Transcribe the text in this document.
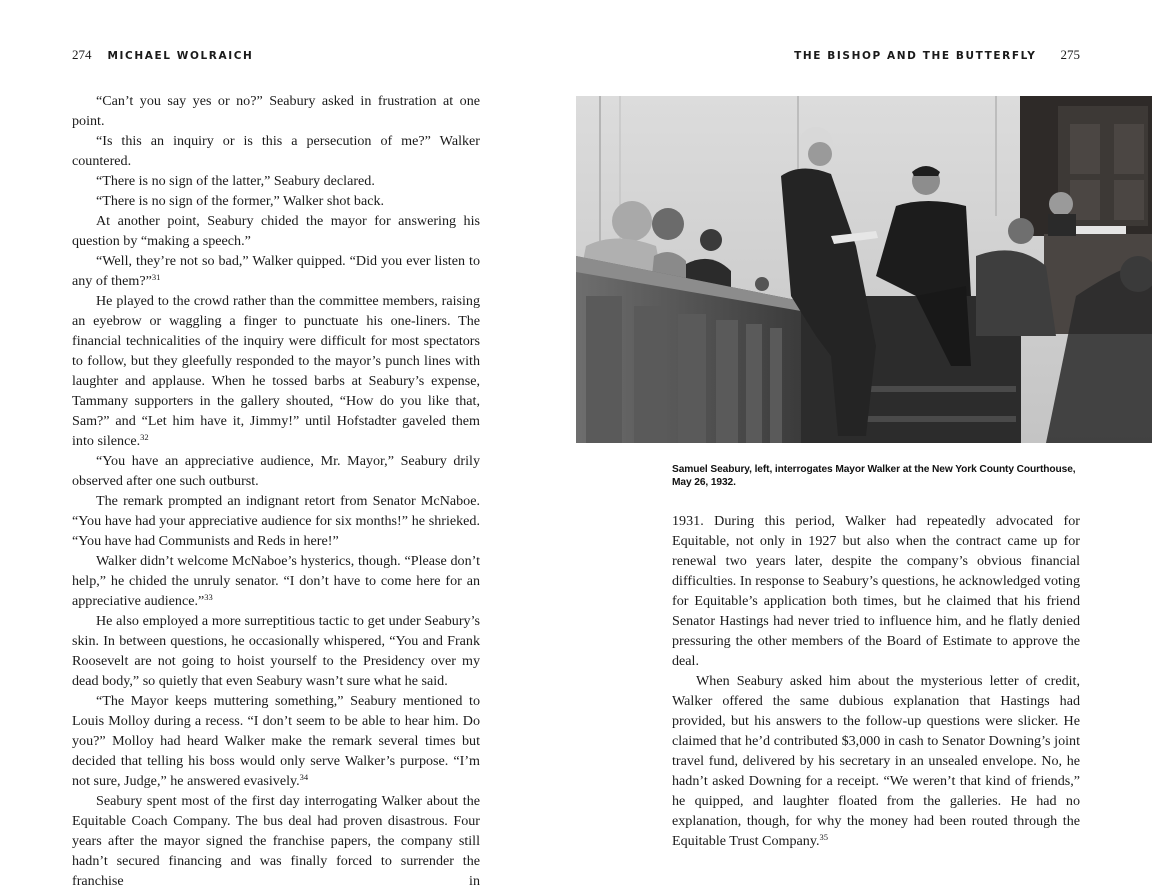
274 MICHAEL WOLRAICH

“Can’t you say yes or no?” Seabury asked in frustration at one point.

“Is this an inquiry or is this a persecution of me?” Walker countered.

“There is no sign of the latter,” Seabury declared.

“There is no sign of the former,” Walker shot back.

At another point, Seabury chided the mayor for answering his question by “making a speech.”

“Well, they’re not so bad,” Walker quipped. “Did you ever listen to any of them?”$^{31}$

He played to the crowd rather than the committee members, raising an eyebrow or waggling a finger to punctuate his one-liners. The financial technicalities of the inquiry were difficult for most spectators to follow, but they gleefully responded to the mayor’s punch lines with laughter and applause. When he tossed barbs at Seabury’s expense, Tammany supporters in the gallery shouted, “How do you like that, Sam?” and “Let him have it, Jimmy!” until Hofstadter gaveled them into silence.$^{32}$

“You have an appreciative audience, Mr. Mayor,” Seabury drily observed after one such outburst.

The remark prompted an indignant retort from Senator McNaboe. “You have had your appreciative audience for six months!” he shrieked. “You have had Communists and Reds in here!”

Walker didn’t welcome McNaboe’s hysterics, though. “Please don’t help,” he chided the unruly senator. “I don’t have to come here for an appreciative audience.”$^{33}$

He also employed a more surreptitious tactic to get under Seabury’s skin. In between questions, he occasionally whispered, “You and Frank Roosevelt are not going to hoist yourself to the Presidency over my dead body,” so quietly that even Seabury wasn’t sure what he said.

“The Mayor keeps muttering something,” Seabury mentioned to Louis Molloy during a recess. “I don’t seem to be able to hear him. Do you?” Molloy had heard Walker make the remark several times but decided that telling his boss would only serve Walker’s purpose. “I’m not sure, Judge,” he answered evasively.$^{34}$

Seabury spent most of the first day interrogating Walker about the Equitable Coach Company. The bus deal had proven disastrous. Four years after the mayor signed the franchise papers, the company still hadn’t secured financing and was finally forced to surrender the franchise in

THE BISHOP AND THE BUTTERFLY 275
Samuel Seabury, left, interrogates Mayor Walker at the New York County Courthouse, May 26, 1932.

1931. During this period, Walker had repeatedly advocated for Equitable, not only in 1927 but also when the contract came up for renewal two years later, despite the company’s obvious financial difficulties. In response to Seabury’s questions, he acknowledged voting for Equitable’s application both times, but he claimed that his friend Senator Hastings had never tried to influence him, and he flatly denied pressuring the other members of the Board of Estimate to approve the deal.

When Seabury asked him about the mysterious letter of credit, Walker offered the same dubious explanation that Hastings had provided, but his answers to the follow-up questions were slicker. He claimed that he’d contributed $3,000 in cash to Senator Downing’s joint travel fund, delivered by his secretary in an unsealed envelope. No, he hadn’t asked Downing for a receipt. “We weren’t that kind of friends,” he quipped, and laughter floated from the galleries. He had no explanation, though, for why the money had been routed through the Equitable Trust Company.$^{35}$
